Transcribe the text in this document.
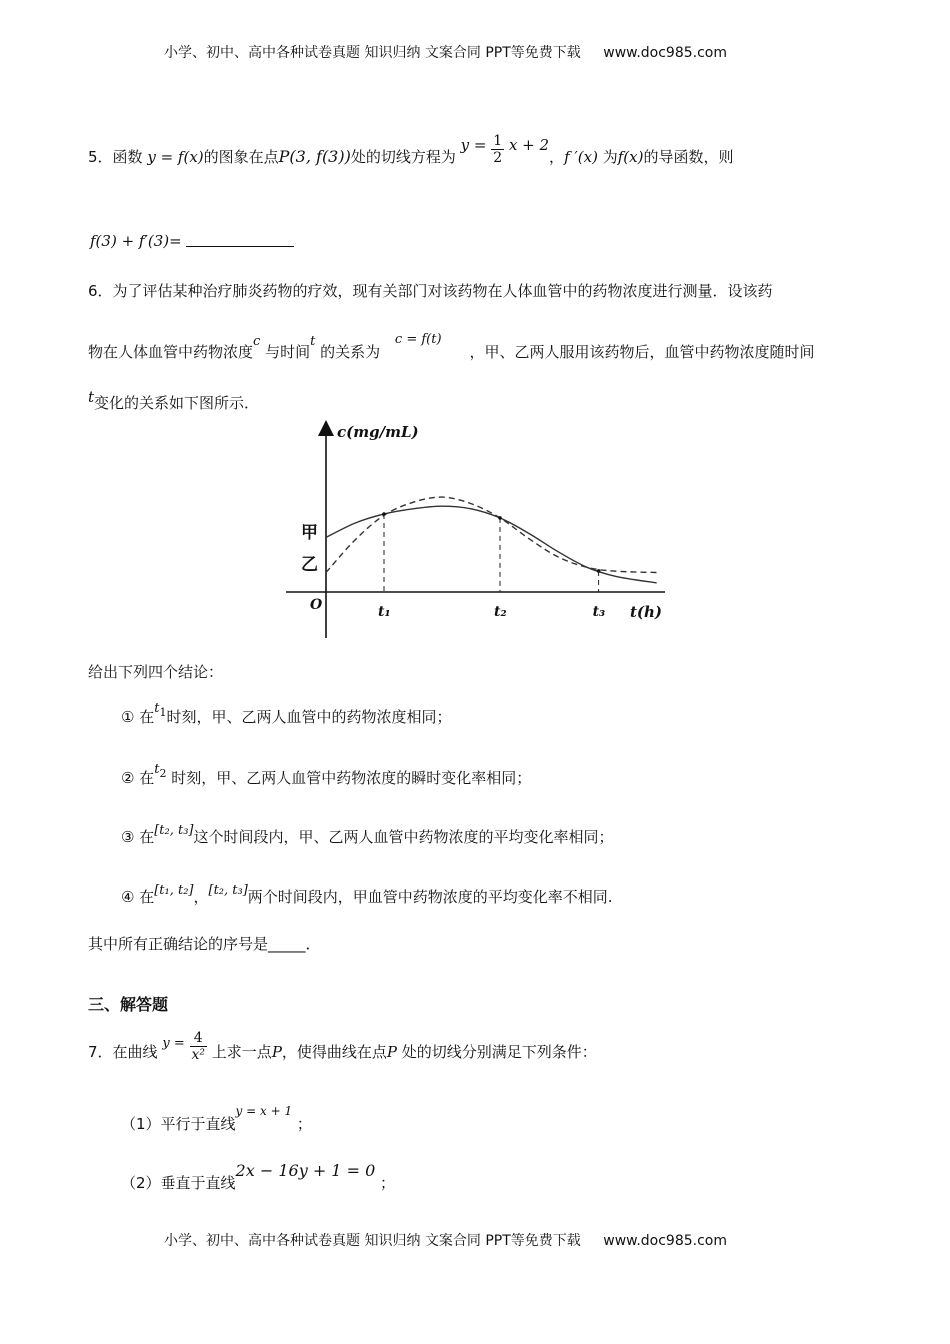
小学、初中、高中各种试卷真题 知识归纳 文案合同 PPT等免费下载 www.doc985.com
5．函数 y = f(x)的图象在点P(3, f(3))处的切线方程为 $y = \frac{1}{2}$ x + 2，f ′(x) 为f(x)的导函数，则
f(3) + f′(3)=
6．为了评估某种治疗肺炎药物的疗效，现有关部门对该药物在人体血管中的药物浓度进行测量．设该药
物在人体血管中药物浓度c 与时间t 的关系为 c = f(t)，甲、乙两人服用该药物后，血管中药物浓度随时间
t变化的关系如下图所示．
c(mg/mL)
t(h)
O
甲
乙
t₁	t₂	t₃
给出下列四个结论：
① 在$t^1$时刻，甲、乙两人血管中的药物浓度相同；
② 在$t^2$ 时刻，甲、乙两人血管中药物浓度的瞬时变化率相同；
③ 在[t₂, t₃]这个时间段内，甲、乙两人血管中药物浓度的平均变化率相同；
④ 在[t₁, t₂]，[t₂, t₃]两个时间段内，甲血管中药物浓度的平均变化率不相同.
其中所有正确结论的序号是_____．
三、解答题
7．在曲线 $y = \frac{4}{\text{x²}}$ 上求一点P，使得曲线在点P 处的切线分别满足下列条件：
（1）平行于直线$^{y = x + 1}$ ；
（2）垂直于直线2x − 16y + 1 = 0 ；
小学、初中、高中各种试卷真题 知识归纳 文案合同 PPT等免费下载 www.doc985.com
